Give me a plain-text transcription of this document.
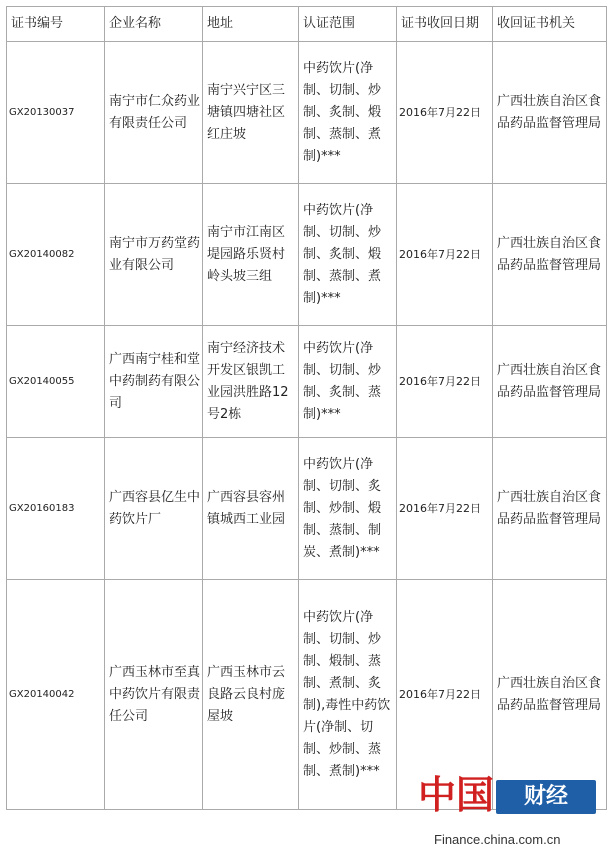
证书编号	企业名称	地址	认证范围	证书收回日期	收回证书机关
GX20130037	南宁市仁众药业有限责任公司	南宁兴宁区三塘镇四塘社区红庄坡	中药饮片(净制、切制、炒制、炙制、煅制、蒸制、煮制)***	2016年7月22日	广西壮族自治区食品药品监督管理局
GX20140082	南宁市万药堂药业有限公司	南宁市江南区堤园路乐贤村岭头坡三组	中药饮片(净制、切制、炒制、炙制、煅制、蒸制、煮制)***	2016年7月22日	广西壮族自治区食品药品监督管理局
GX20140055	广西南宁桂和堂中药制药有限公司	南宁经济技术开发区银凯工业园洪胜路12号2栋	中药饮片(净制、切制、炒制、炙制、蒸制)***	2016年7月22日	广西壮族自治区食品药品监督管理局
GX20160183	广西容县亿生中药饮片厂	广西容县容州镇城西工业园	中药饮片(净制、切制、炙制、炒制、煅制、蒸制、制炭、煮制)***	2016年7月22日	广西壮族自治区食品药品监督管理局
GX20140042	广西玉林市至真中药饮片有限责任公司	广西玉林市云良路云良村庞屋坡	中药饮片(净制、切制、炒制、煅制、蒸制、煮制、炙制),毒性中药饮片(净制、切制、炒制、蒸制、煮制)***	2016年7月22日	广西壮族自治区食品药品监督管理局
中国	财经
Finance.china.com.cn
